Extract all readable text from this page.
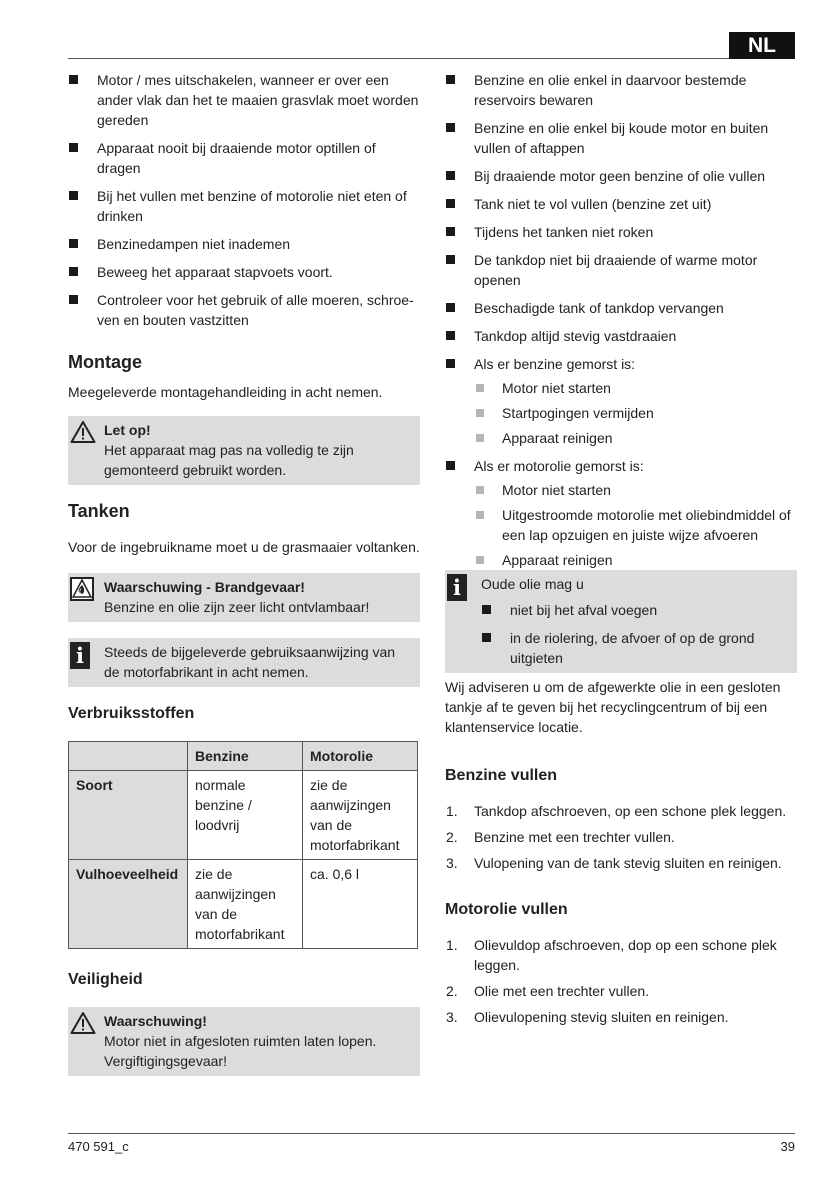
NL
Motor / mes uitschakelen, wanneer er over een ander vlak dan het te maaien grasvlak moet worden gereden
Apparaat nooit bij draaiende motor optillen of dragen
Bij het vullen met benzine of motorolie niet eten of drinken
Benzinedampen niet inademen
Beweeg het apparaat stapvoets voort.
Controleer voor het gebruik of alle moeren, schroe-ven en bouten vastzitten
Montage

Meegeleverde montagehandleiding in acht nemen.

Let op!
Het apparaat mag pas na volledig te zijn gemonteerd gebruikt worden.
Tanken

Voor de ingebruikname moet u de grasmaaier voltanken.

Waarschuwing - Brandgevaar!
Benzine en olie zijn zeer licht ontvlambaar!
i	Steeds de bijgeleverde gebruiksaanwijzing van de motorfabrikant in acht nemen.
Verbruiksstoffen
	Benzine	Motorolie
Soort	normale benzine / loodvrij	zie de aanwijzingen van de motorfabrikant
Vulhoeveelheid	zie de aanwijzingen van de motorfabrikant	ca. 0,6 l
Veiligheid
Waarschuwing!
Motor niet in afgesloten ruimten laten lopen. Vergiftigingsgevaar!
Benzine en olie enkel in daarvoor bestemde reservoirs bewaren
Benzine en olie enkel bij koude motor en buiten vullen of aftappen
Bij draaiende motor geen benzine of olie vullen
Tank niet te vol vullen (benzine zet uit)
Tijdens het tanken niet roken
De tankdop niet bij draaiende of warme motor openen
Beschadigde tank of tankdop vervangen
Tankdop altijd stevig vastdraaien
Als er benzine gemorst is:
Motor niet starten
Startpogingen vermijden
Apparaat reinigen
Als er motorolie gemorst is:
Motor niet starten
Uitgestroomde motorolie met oliebindmiddel of een lap opzuigen en juiste wijze afvoeren
Apparaat reinigen
i	Oude olie mag u
niet bij het afval voegen
in de riolering, de afvoer of op de grond uitgieten

Wij adviseren u om de afgewerkte olie in een gesloten tankje af te geven bij het recyclingcentrum of bij een klantenservice locatie.

Benzine vullen
1. Tankdop afschroeven, op een schone plek leggen.
2. Benzine met een trechter vullen.
3. Vulopening van de tank stevig sluiten en reinigen.
Motorolie vullen
1. Olievuldop afschroeven, dop op een schone plek leggen.
2. Olie met een trechter vullen.
3. Olievulopening stevig sluiten en reinigen.
470 591_c	39
